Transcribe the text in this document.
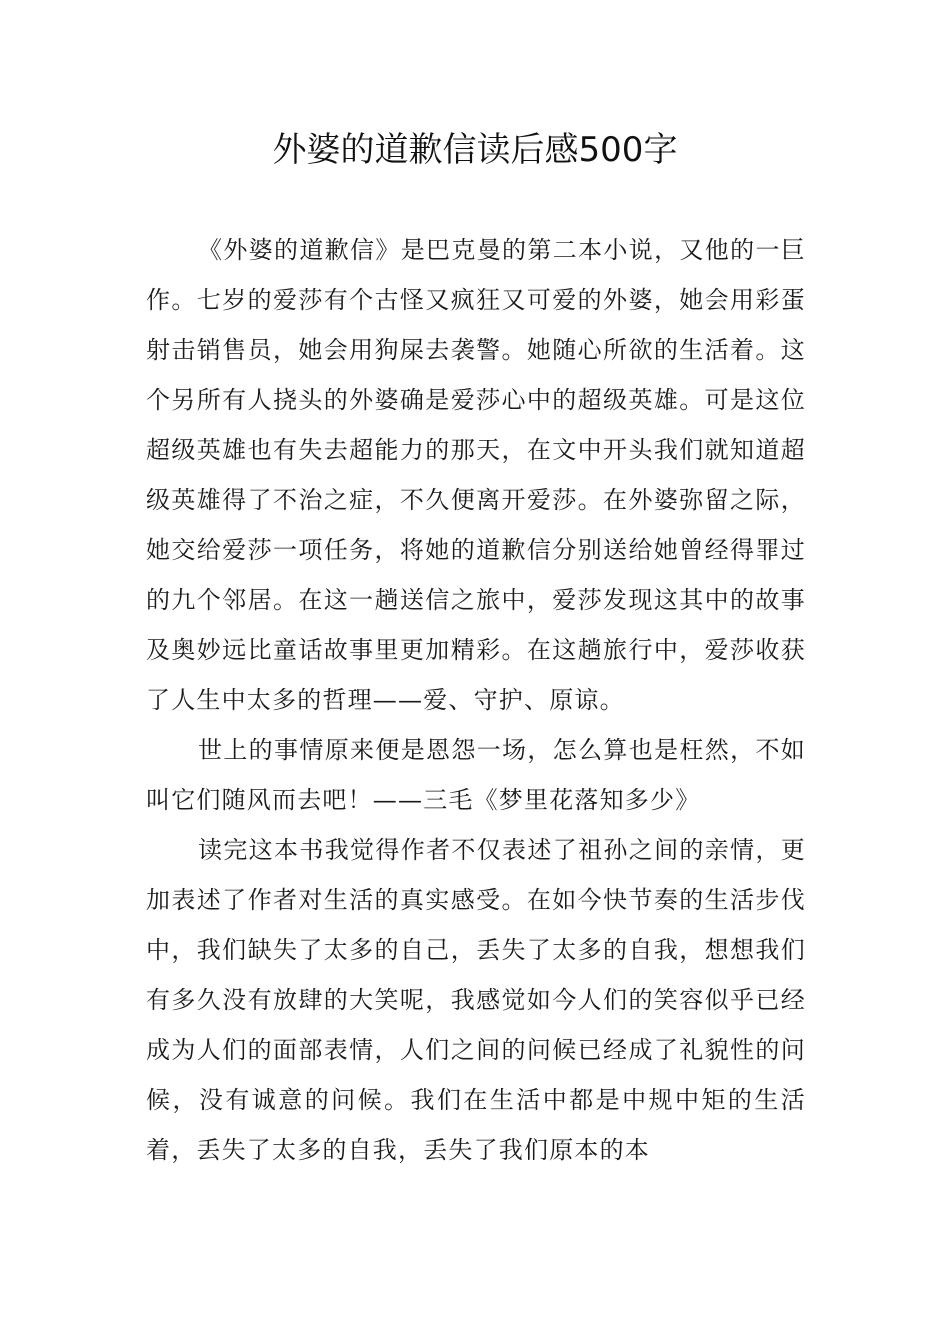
外婆的道歉信读后感500字

《外婆的道歉信》是巴克曼的第二本小说，又他的一巨作。七岁的爱莎有个古怪又疯狂又可爱的外婆，她会用彩蛋射击销售员，她会用狗屎去袭警。她随心所欲的生活着。这个另所有人挠头的外婆确是爱莎心中的超级英雄。可是这位超级英雄也有失去超能力的那天，在文中开头我们就知道超级英雄得了不治之症，不久便离开爱莎。在外婆弥留之际，她交给爱莎一项任务，将她的道歉信分别送给她曾经得罪过的九个邻居。在这一趟送信之旅中，爱莎发现这其中的故事及奥妙远比童话故事里更加精彩。在这趟旅行中，爱莎收获了人生中太多的哲理——爱、守护、原谅。

世上的事情原来便是恩怨一场，怎么算也是枉然，不如叫它们随风而去吧！——三毛《梦里花落知多少》

读完这本书我觉得作者不仅表述了祖孙之间的亲情，更加表述了作者对生活的真实感受。在如今快节奏的生活步伐中，我们缺失了太多的自己，丢失了太多的自我，想想我们有多久没有放肆的大笑呢，我感觉如今人们的笑容似乎已经成为人们的面部表情，人们之间的问候已经成了礼貌性的问候，没有诚意的问候。我们在生活中都是中规中矩的生活着，丢失了太多的自我，丢失了我们原本的本
